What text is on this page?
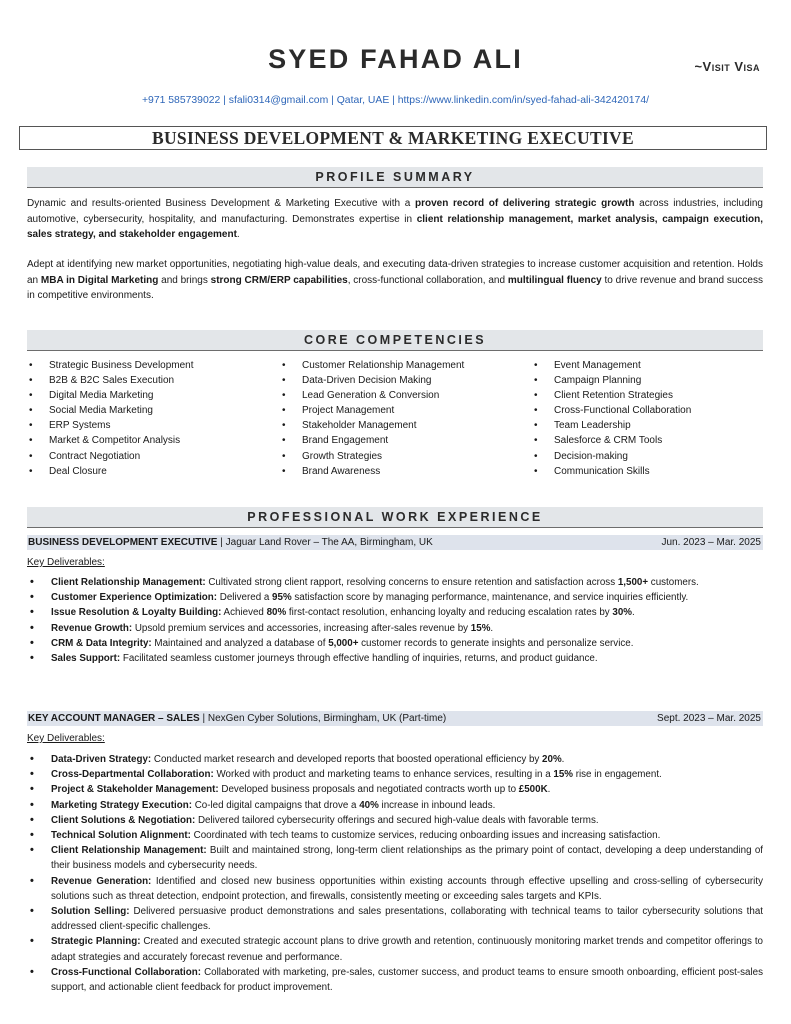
SYED FAHAD ALI	~Visit Visa
+971 585739022 | sfali0314@gmail.com | Qatar, UAE | https://www.linkedin.com/in/syed-fahad-ali-342420174/
BUSINESS DEVELOPMENT & MARKETING EXECUTIVE
PROFILE SUMMARY
Dynamic and results-oriented Business Development & Marketing Executive with a proven record of delivering strategic growth across industries, including automotive, cybersecurity, hospitality, and manufacturing. Demonstrates expertise in client relationship management, market analysis, campaign execution, sales strategy, and stakeholder engagement.
Adept at identifying new market opportunities, negotiating high-value deals, and executing data-driven strategies to increase customer acquisition and retention. Holds an MBA in Digital Marketing and brings strong CRM/ERP capabilities, cross-functional collaboration, and multilingual fluency to drive revenue and brand success in competitive environments.
CORE COMPETENCIES
• Strategic Business Development
• B2B & B2C Sales Execution
• Digital Media Marketing
• Social Media Marketing
• ERP Systems
• Market & Competitor Analysis
• Contract Negotiation
• Deal Closure
• Customer Relationship Management
• Data-Driven Decision Making
• Lead Generation & Conversion
• Project Management
• Stakeholder Management
• Brand Engagement
• Growth Strategies
• Brand Awareness
• Event Management
• Campaign Planning
• Client Retention Strategies
• Cross-Functional Collaboration
• Team Leadership
• Salesforce & CRM Tools
• Decision-making
• Communication Skills
PROFESSIONAL WORK EXPERIENCE
BUSINESS DEVELOPMENT EXECUTIVE | Jaguar Land Rover – The AA, Birmingham, UK	Jun. 2023 – Mar. 2025
Key Deliverables:
• Client Relationship Management: Cultivated strong client rapport, resolving concerns to ensure retention and satisfaction across 1,500+ customers.
• Customer Experience Optimization: Delivered a 95% satisfaction score by managing performance, maintenance, and service inquiries efficiently.
• Issue Resolution & Loyalty Building: Achieved 80% first-contact resolution, enhancing loyalty and reducing escalation rates by 30%.
• Revenue Growth: Upsold premium services and accessories, increasing after-sales revenue by 15%.
• CRM & Data Integrity: Maintained and analyzed a database of 5,000+ customer records to generate insights and personalize service.
• Sales Support: Facilitated seamless customer journeys through effective handling of inquiries, returns, and product guidance.
KEY ACCOUNT MANAGER – SALES | NexGen Cyber Solutions, Birmingham, UK (Part-time)	Sept. 2023 – Mar. 2025
Key Deliverables:
• Data-Driven Strategy: Conducted market research and developed reports that boosted operational efficiency by 20%.
• Cross-Departmental Collaboration: Worked with product and marketing teams to enhance services, resulting in a 15% rise in engagement.
• Project & Stakeholder Management: Developed business proposals and negotiated contracts worth up to £500K.
• Marketing Strategy Execution: Co-led digital campaigns that drove a 40% increase in inbound leads.
• Client Solutions & Negotiation: Delivered tailored cybersecurity offerings and secured high-value deals with favorable terms.
• Technical Solution Alignment: Coordinated with tech teams to customize services, reducing onboarding issues and increasing satisfaction.
• Client Relationship Management: Built and maintained strong, long-term client relationships as the primary point of contact, developing a deep understanding of their business models and cybersecurity needs.
• Revenue Generation: Identified and closed new business opportunities within existing accounts through effective upselling and cross-selling of cybersecurity solutions such as threat detection, endpoint protection, and firewalls, consistently meeting or exceeding sales targets and KPIs.
• Solution Selling: Delivered persuasive product demonstrations and sales presentations, collaborating with technical teams to tailor cybersecurity solutions that addressed client-specific challenges.
• Strategic Planning: Created and executed strategic account plans to drive growth and retention, continuously monitoring market trends and competitor offerings to adapt strategies and accurately forecast revenue and performance.
• Cross-Functional Collaboration: Collaborated with marketing, pre-sales, customer success, and product teams to ensure smooth onboarding, efficient post-sales support, and actionable client feedback for product improvement.
